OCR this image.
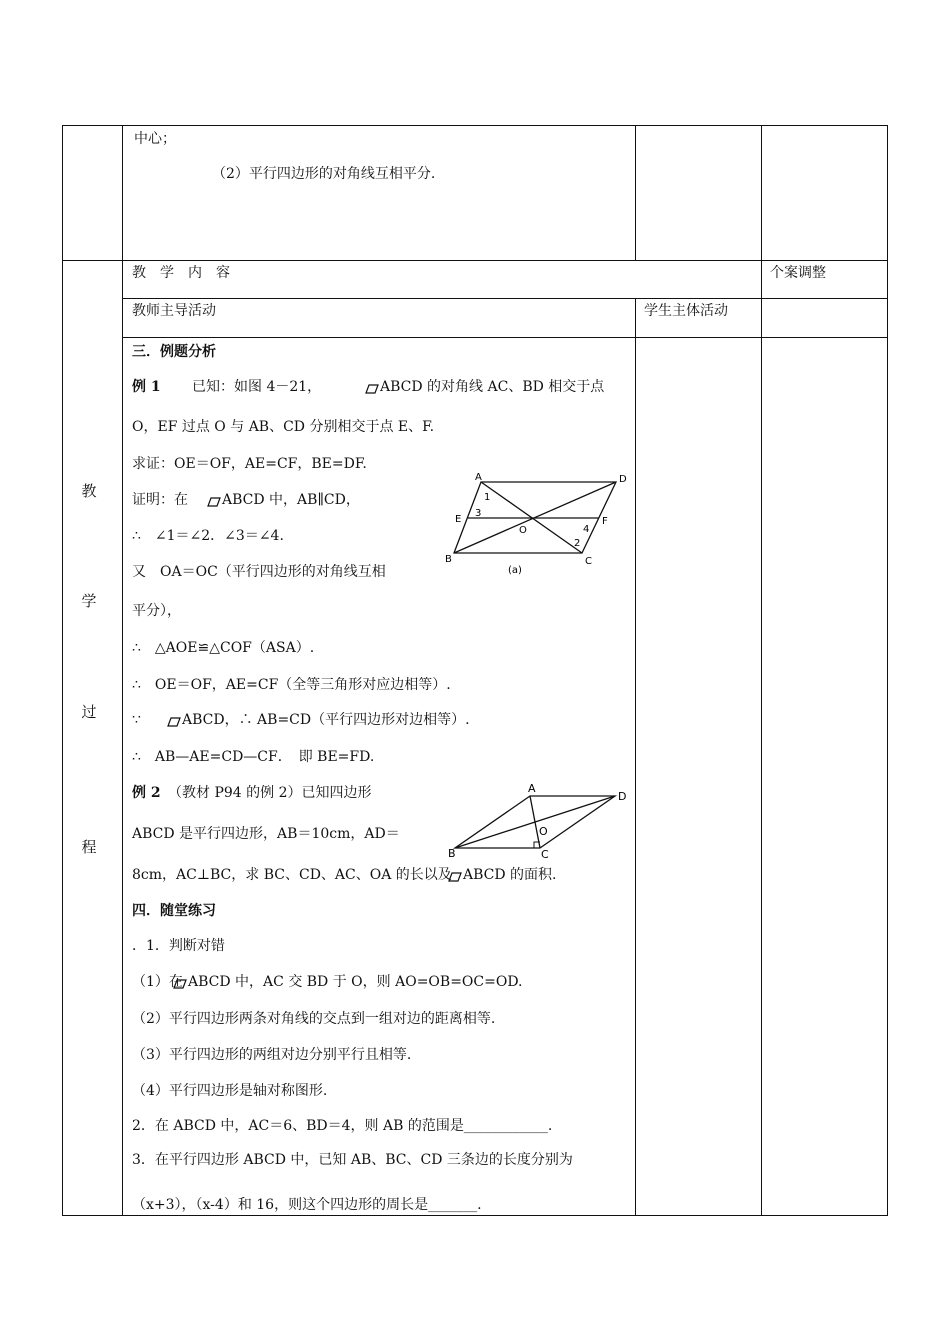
中心；
（2）平行四边形的对角线互相平分.
教　学　内　容	个案调整
教师主导活动	学生主体活动
教
学
过
程
三．例题分析
例 1 已知：如图 4－21，	ABCD 的对角线 AC、BD 相交于点
O，EF 过点 O 与 AB、CD 分别相交于点 E、F.
求证：OE＝OF，AE=CF，BE=DF.
证明：在 ABCD 中，AB∥CD，
∴　∠1＝∠2．∠3＝∠4.
又　OA＝OC（平行四边形的对角线互相
平分），
∴　△AOE≌△COF（ASA）.
∴　OE＝OF，AE=CF（全等三角形对应边相等）.
∵	ABCD，∴ AB=CD（平行四边形对边相等）.
∴　AB—AE=CD—CF．　即 BE=FD.
A	D
E	F
B	C
O
1
2
3
4
(a)
例 2 （教材 P94 的例 2）已知四边形
ABCD 是平行四边形，AB＝10cm，AD＝
8cm，AC⊥BC，求 BC、CD、AC、OA 的长以及 ABCD 的面积.
A
D
B	C
O
四．随堂练习
．1．判断对错
（1）在 ABCD 中，AC 交 BD 于 O，则 AO=OB=OC=OD.
（2）平行四边形两条对角线的交点到一组对边的距离相等.
（3）平行四边形的两组对边分别平行且相等.
（4）平行四边形是轴对称图形.
2．在 ABCD 中，AC＝6、BD＝4，则 AB 的范围是____________.
3．在平行四边形 ABCD 中，已知 AB、BC、CD 三条边的长度分别为
（x+3），（x-4）和 16，则这个四边形的周长是_______.
